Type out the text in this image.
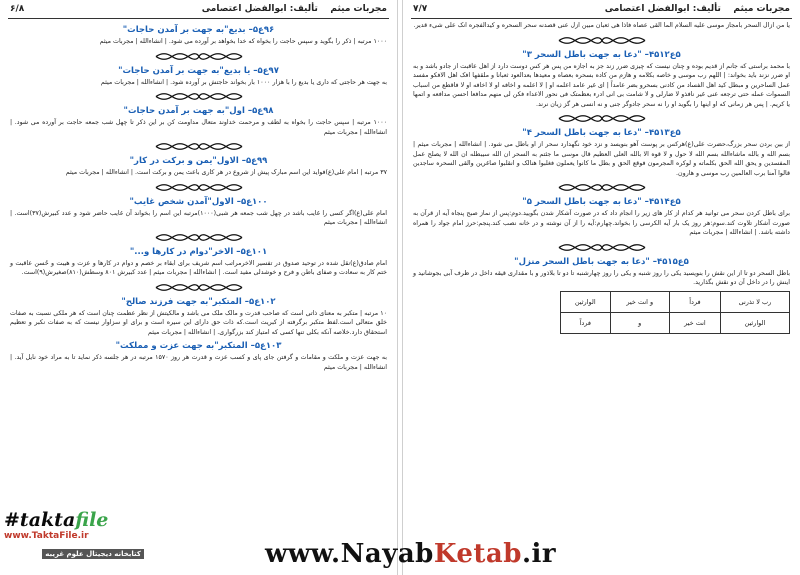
مجربات میثم    تألیف: ابوالفضل اعتصامی
۶/۸
۹۶ع۵– بدیع"به جهت بر آمدن حاجات"
۱۰۰۰ مرتبه | ذکر را بگوید و سپس حاجت را بخواه که خدا بخواهد بر آورده می شود. | انشاءالله | مجربات میثم
۹۷ع۵– یا بدیع"به جهت بر آمدن حاجات"
به جهت هر حاجتی که داری یا بدیع را با هزار ۱۰۰۰ بار بخواند حاجتش بر آورده شود. | انشاءالله | مجربات میثم
۹۸ع۵– اول"به جهت بر آمدن حاجات"
۱۰۰۰ مرتبه | سپس حاجت را بخواه به لطف و مرحمت خداوند متعال مداومت کن بر این ذکر تا چهل شب جمعه حاجت بر آورده می شود. | انشاءالله | مجربات میثم
۹۹ع۵– الاول"یمن و برکت در کار"
۳۷ مرتبه | امام علی(ع)فواید این اسم مبارک پیش از شروع در هر کاری باعث یمن و برکت است. | انشاءالله | مجربات میثم
۱۰۰ع۵– الاول"آمدن شخص غایب"
امام علی(ع)اگر کسی را غایب باشد در چهل شب جمعه هر شبی(۱۰۰۰)مرتبه این اسم را بخواند آن غایب حاضر شود و عدد کبیرش(۳۷)است. | انشاءالله | مجربات میثم
۱۰۱ع۵– الاخر"دوام در کارها و..."
امام صادق(ع)نقل شده در توحید صدوق در تفسیر الاخرمراتب اسم شریف برای ابقاء بر خصم و دوام در کارها و عزت و هیبت و حُسن عاقبت و ختم کار به سعادت و صفای باطن و فرح و خوشدلی مفید است. | انشاءالله | مجربات میثم | عدد کبیرش ۸۰۱ وسطش(۸۱۰)صغیرش(۹)است.
۱۰۲ع۵– المتکبر"به جهت فرزند صالح"
۱۰ مرتبه | متکبر به معنای ذاتی است که صاحب قدرت و مالک ملک می باشد و مالکیتش از نظر عظمت چنان است که هر ملکی نسبت به صفات خلق متعالی است.لفظ متکبر برگرفته از کبریت است.که ذات حق دارای این سیره است و برای او سزاوار نیست که به صفات نکبر و تعظیم استحقاق دارد.خلاصه آنکه بکلی تنها کسی که امتیاز کند بزرگواری. | انشاءالله | مجربات میثم
۱۰۳ع۵– المتکبر"به جهت عزت و مملکت"
به جهت عزت و ملکت و مقامات و گرفتن جای پای و کسب عزت و قدرت هر روز ۱۵۷۰ مرتبه در هر جلسه ذکر نماید تا به مراد خود نایل آید. | انشاءالله | مجربات میثم
مجربات میثم    تألیف: ابوالفضل اعتصامی
۷/۷
یا من ازال السحر بامجاز موسی علیه السلام الما القی عصاه فاذا هی ثعبان مبین ازل عنی قصدنه سحر السحره و کیدالفجره انک علی شیء قدیر.
۵ع۴۵۱۲– "دعا به جهت باطل السحر ۳"
با محمد براستی که جانم از قدیم بوده و چنان نیست که چیزی ضرر زند جز به اجازه من پس هر کس دوست دارد از اهل عاقبت از جادو باشد و به او ضرر نزند باید بخواند: | اللهم رب موسی و خاصه بکلامه و هازم من کاده بسحره بعصاه و معیدها بعدالعود ثعبانا و ملقفها افک اهل الافکو مفسد عمل الساحرین و مبطل کید اهل الفساد من کادنی بسحرو بضر عامداً | ای غیر عامد اعلمه او | لا اعلمه و اخافه او لا اخافه او لا فاقطع من اسباب السموات عمله حتی ترجعه عنی غیر نافذو لا ضارلی و لا شامت بی انی ادرء بعظمتک فی نحور الاعداء فکن لی منهم مدافعا احسن مدافعه و اتمها یا کریم. | پس هر زمانی که او اینها را بگوید او را نه سحر جادوگر جنی و نه انسی هر گز زیان نرند.
۵ع۴۵۱۳– "دعا به جهت باطل السحر ۴"
از بین بردن سحر بزرگ،حضرت علی(ع)هرکس بر پوست آهو بنویسد و نزد خود نگهدارد سحر از او باطل می شود. | انشاءالله | مجربات میثم | بسم الله و بالله ماشاءالله بسم الله لا حول و لا قوه الا بالله العلی العظیم قال موسی ما جئتم به السحر ان الله سیبطله ان الله لا یصلح عمل المفسدین و یحق الله الحق بکلماته و لوکره المجرمون فوقع الحق و بطل ما کانوا یعملون فغلبوا هنالک و انقلبوا صاغرین والقی السحره ساجدین قالوا آمنا برب العالمین رب موسی و هارون.
۵ع۴۵۱۴– "دعا به جهت باطل السحر ۵"
برای باطل کردن سحر می توانید هر کدام از کار های زیر را انجام داد که در صورت آشکار شدن بگویید.دوم:پس از نماز صبح پنجاه آیه از قرآن به صورت آشکار تلاوت کند.سوم:هر روز یک بار آیه الکرسی را بخواند.چهارم:آیه را از آن نوشته و در خانه نصب کند.پنجم:حرز امام جواد را همراه داشته باشد. | انشاءالله | مجربات میثم
۵ع۴۵۱۵– "دعا به جهت باطل السحر منزل"
باطل السحر دو تا از این نقش را بنویسید یکی را روز شنبه و یکی را روز چهارشنبه تا دو تا بلاذور و با مقداری قیقه داخل در ظرف آبی بجوشانید و اینش را در داخل آن دو نقش بگذارید.
رب لا تذرنی	فرداً	و انت خیر	الوارثین
الوارثین	انت خیر	و	فرداً
#taktafile
www.TaktaFile.ir
کتابخانه دیجیتال علوم غریبه	www.NayabKetab.ir
